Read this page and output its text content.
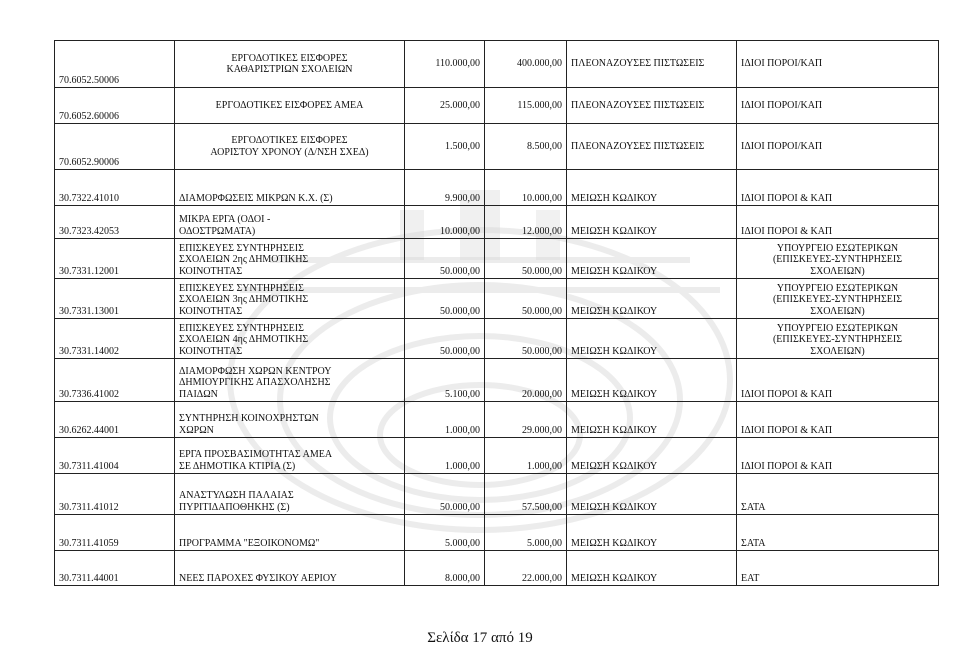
70.6052.50006	ΕΡΓΟΔΟΤΙΚΕΣ ΕΙΣΦΟΡΕΣ
ΚΑΘΑΡΙΣΤΡΙΩΝ ΣΧΟΛΕΙΩΝ	110.000,00	400.000,00	ΠΛΕΟΝΑΖΟΥΣΕΣ ΠΙΣΤΩΣΕΙΣ	ΙΔΙΟΙ ΠΟΡΟΙ/ΚΑΠ

70.6052.60006	ΕΡΓΟΔΟΤΙΚΕΣ ΕΙΣΦΟΡΕΣ ΑΜΕΑ	25.000,00	115.000,00	ΠΛΕΟΝΑΖΟΥΣΕΣ ΠΙΣΤΩΣΕΙΣ	ΙΔΙΟΙ ΠΟΡΟΙ/ΚΑΠ

70.6052.90006	ΕΡΓΟΔΟΤΙΚΕΣ ΕΙΣΦΟΡΕΣ
ΑΟΡΙΣΤΟΥ ΧΡΟΝΟΥ (Δ/ΝΣΗ ΣΧΕΔ)	1.500,00	8.500,00	ΠΛΕΟΝΑΖΟΥΣΕΣ ΠΙΣΤΩΣΕΙΣ	ΙΔΙΟΙ ΠΟΡΟΙ/ΚΑΠ

30.7322.41010	ΔΙΑΜΟΡΦΩΣΕΙΣ ΜΙΚΡΩΝ Κ.Χ. (Σ)	9.900,00	10.000,00	ΜΕΙΩΣΗ ΚΩΔΙΚΟΥ	ΙΔΙΟΙ ΠΟΡΟΙ & ΚΑΠ

30.7323.42053	ΜΙΚΡΑ ΕΡΓΑ (ΟΔΟΙ -
ΟΔΟΣΤΡΩΜΑΤΑ)	10.000,00	12.000,00	ΜΕΙΩΣΗ ΚΩΔΙΚΟΥ	ΙΔΙΟΙ ΠΟΡΟΙ & ΚΑΠ

30.7331.12001	ΕΠΙΣΚΕΥΕΣ ΣΥΝΤΗΡΗΣΕΙΣ
ΣΧΟΛΕΙΩΝ 2ης ΔΗΜΟΤΙΚΗΣ
ΚΟΙΝΟΤΗΤΑΣ	50.000,00	50.000,00	ΜΕΙΩΣΗ ΚΩΔΙΚΟΥ	ΥΠΟΥΡΓΕΙΟ ΕΣΩΤΕΡΙΚΩΝ
(ΕΠΙΣΚΕΥΕΣ-ΣΥΝΤΗΡΗΣΕΙΣ
ΣΧΟΛΕΙΩΝ)

30.7331.13001	ΕΠΙΣΚΕΥΕΣ ΣΥΝΤΗΡΗΣΕΙΣ
ΣΧΟΛΕΙΩΝ 3ης ΔΗΜΟΤΙΚΗΣ
ΚΟΙΝΟΤΗΤΑΣ	50.000,00	50.000,00	ΜΕΙΩΣΗ ΚΩΔΙΚΟΥ	ΥΠΟΥΡΓΕΙΟ ΕΣΩΤΕΡΙΚΩΝ
(ΕΠΙΣΚΕΥΕΣ-ΣΥΝΤΗΡΗΣΕΙΣ
ΣΧΟΛΕΙΩΝ)

30.7331.14002	ΕΠΙΣΚΕΥΕΣ ΣΥΝΤΗΡΗΣΕΙΣ
ΣΧΟΛΕΙΩΝ 4ης ΔΗΜΟΤΙΚΗΣ
ΚΟΙΝΟΤΗΤΑΣ	50.000,00	50.000,00	ΜΕΙΩΣΗ ΚΩΔΙΚΟΥ	ΥΠΟΥΡΓΕΙΟ ΕΣΩΤΕΡΙΚΩΝ
(ΕΠΙΣΚΕΥΕΣ-ΣΥΝΤΗΡΗΣΕΙΣ
ΣΧΟΛΕΙΩΝ)

30.7336.41002	ΔΙΑΜΟΡΦΩΣΗ ΧΩΡΩΝ ΚΕΝΤΡΟΥ
ΔΗΜΙΟΥΡΓΙΚΗΣ ΑΠΑΣΧΟΛΗΣΗΣ
ΠΑΙΔΩΝ	5.100,00	20.000,00	ΜΕΙΩΣΗ ΚΩΔΙΚΟΥ	ΙΔΙΟΙ ΠΟΡΟΙ & ΚΑΠ

30.6262.44001	ΣΥΝΤΗΡΗΣΗ ΚΟΙΝΟΧΡΗΣΤΩΝ
ΧΩΡΩΝ	1.000,00	29.000,00	ΜΕΙΩΣΗ ΚΩΔΙΚΟΥ	ΙΔΙΟΙ ΠΟΡΟΙ & ΚΑΠ

30.7311.41004	ΕΡΓΑ ΠΡΟΣΒΑΣΙΜΟΤΗΤΑΣ ΑΜΕΑ
ΣΕ ΔΗΜΟΤΙΚΑ ΚΤΙΡΙΑ (Σ)	1.000,00	1.000,00	ΜΕΙΩΣΗ ΚΩΔΙΚΟΥ	ΙΔΙΟΙ ΠΟΡΟΙ & ΚΑΠ

30.7311.41012	ΑΝΑΣΤΥΛΩΣΗ ΠΑΛΑΙΑΣ
ΠΥΡΙΤΙΔΑΠΟΘΗΚΗΣ (Σ)	50.000,00	57.500,00	ΜΕΙΩΣΗ ΚΩΔΙΚΟΥ	ΣΑΤΑ

30.7311.41059	ΠΡΟΓΡΑΜΜΑ "ΕΞΟΙΚΟΝΟΜΩ"	5.000,00	5.000,00	ΜΕΙΩΣΗ ΚΩΔΙΚΟΥ	ΣΑΤΑ

30.7311.44001	ΝΕΕΣ ΠΑΡΟΧΕΣ ΦΥΣΙΚΟΥ ΑΕΡΙΟΥ	8.000,00	22.000,00	ΜΕΙΩΣΗ ΚΩΔΙΚΟΥ	ΕΑΤ
Σελίδα 17 από 19
